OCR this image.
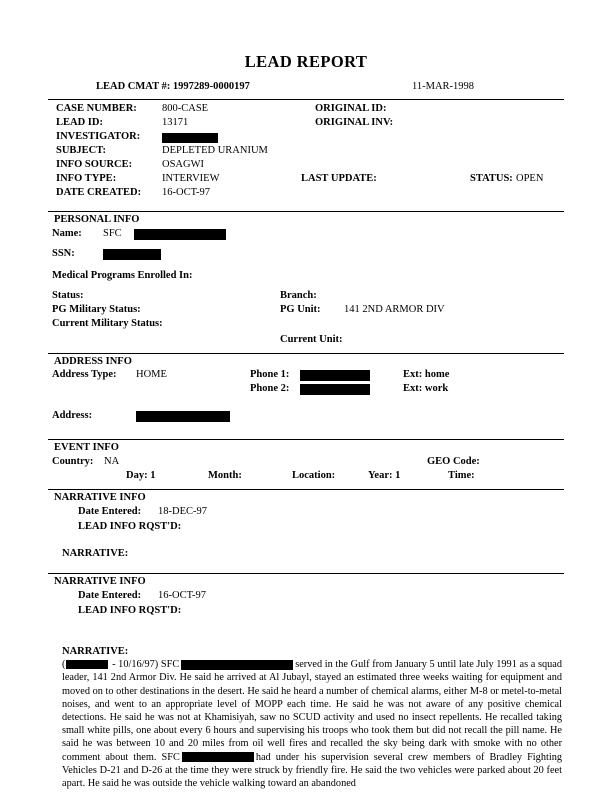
LEAD REPORT
LEAD CMAT #: 1997289-0000197	11-MAR-1998
CASE NUMBER: 800-CASE	ORIGINAL ID:
LEAD ID:	13171	ORIGINAL INV:
INVESTIGATOR:
SUBJECT:	DEPLETED URANIUM
INFO SOURCE:	OSAGWI
INFO TYPE:	INTERVIEW	LAST UPDATE:	STATUS: OPEN
DATE CREATED: 16-OCT-97
PERSONAL INFO
Name: SFC
SSN:
Medical Programs Enrolled In:
Status:	Branch:
PG Military Status:	PG Unit: 141 2ND ARMOR DIV
Current Military Status:
Current Unit:
ADDRESS INFO
Address Type: HOME	Phone 1:	Ext: home
Phone 2:	Ext: work
Address:
EVENT INFO
Country: NA	GEO Code:
Day: 1	Month:	Location:	Year: 1	Time:
NARRATIVE INFO
Date Entered: 18-DEC-97
LEAD INFO RQST'D:
NARRATIVE:
NARRATIVE INFO
Date Entered: 16-OCT-97
LEAD INFO RQST'D:
NARRATIVE:
(	- 10/16/97) SFC	served in the Gulf from January 5 until late July 1991 as a squad leader, 141 2nd Armor Div. He said he arrived at Al Jubayl, stayed an estimated three weeks waiting for equipment and moved on to other destinations in the desert. He said he heard a number of chemical alarms, either M-8 or metel-to-metal noises, and went to an appropriate level of MOPP each time. He said he was not aware of any positive chemical detections. He said he was not at Khamisiyah, saw no SCUD activity and used no insect repellents. He recalled taking small white pills, one about every 6 hours and supervising his troops who took them but did not recall the pill name. He said he was between 10 and 20 miles from oil well fires and recalled the sky being dark with smoke with no other comment about them. SFC	had under his supervision several crew members of Bradley Fighting Vehicles D-21 and D-26 at the time they were struck by friendly fire. He said the two vehicles were parked about 20 feet apart. He said he was outside the vehicle walking toward an abandoned
